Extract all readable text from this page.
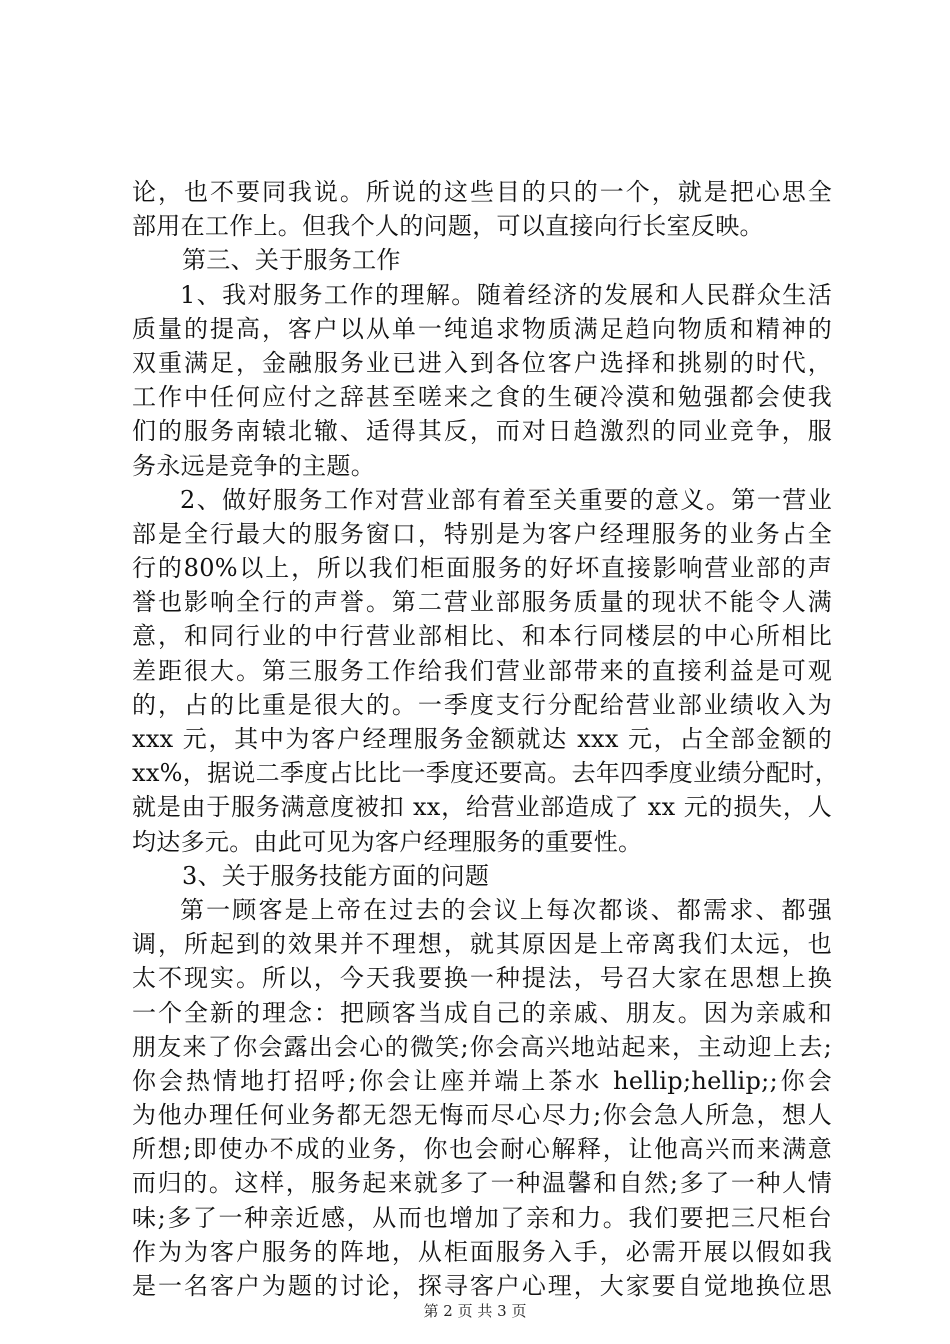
论，也不要同我说。所说的这些目的只的一个，就是把心思全
部用在工作上。但我个人的问题，可以直接向行长室反映。
第三、关于服务工作
1、我对服务工作的理解。随着经济的发展和人民群众生活
质量的提高，客户以从单一纯追求物质满足趋向物质和精神的
双重满足，金融服务业已进入到各位客户选择和挑剔的时代，
工作中任何应付之辞甚至嗟来之食的生硬冷漠和勉强都会使我
们的服务南辕北辙、适得其反，而对日趋激烈的同业竞争，服
务永远是竞争的主题。
2、做好服务工作对营业部有着至关重要的意义。第一营业
部是全行最大的服务窗口，特别是为客户经理服务的业务占全
行的80%以上，所以我们柜面服务的好坏直接影响营业部的声
誉也影响全行的声誉。第二营业部服务质量的现状不能令人满
意，和同行业的中行营业部相比、和本行同楼层的中心所相比
差距很大。第三服务工作给我们营业部带来的直接利益是可观
的，占的比重是很大的。一季度支行分配给营业部业绩收入为
xxx 元，其中为客户经理服务金额就达 xxx 元，占全部金额的
xx%，据说二季度占比比一季度还要高。去年四季度业绩分配时，
就是由于服务满意度被扣 xx，给营业部造成了 xx 元的损失，人
均达多元。由此可见为客户经理服务的重要性。
3、关于服务技能方面的问题
第一顾客是上帝在过去的会议上每次都谈、都需求、都强
调，所起到的效果并不理想，就其原因是上帝离我们太远，也
太不现实。所以，今天我要换一种提法，号召大家在思想上换
一个全新的理念：把顾客当成自己的亲戚、朋友。因为亲戚和
朋友来了你会露出会心的微笑;你会高兴地站起来，主动迎上去;
你会热情地打招呼;你会让座并端上茶水 hellip;hellip;;你会
为他办理任何业务都无怨无悔而尽心尽力;你会急人所急，想人
所想;即使办不成的业务，你也会耐心解释，让他高兴而来满意
而归的。这样，服务起来就多了一种温馨和自然;多了一种人情
味;多了一种亲近感，从而也增加了亲和力。我们要把三尺柜台
作为为客户服务的阵地，从柜面服务入手，必需开展以假如我
是一名客户为题的讨论，探寻客户心理，大家要自觉地换位思
第 2 页 共 3 页
